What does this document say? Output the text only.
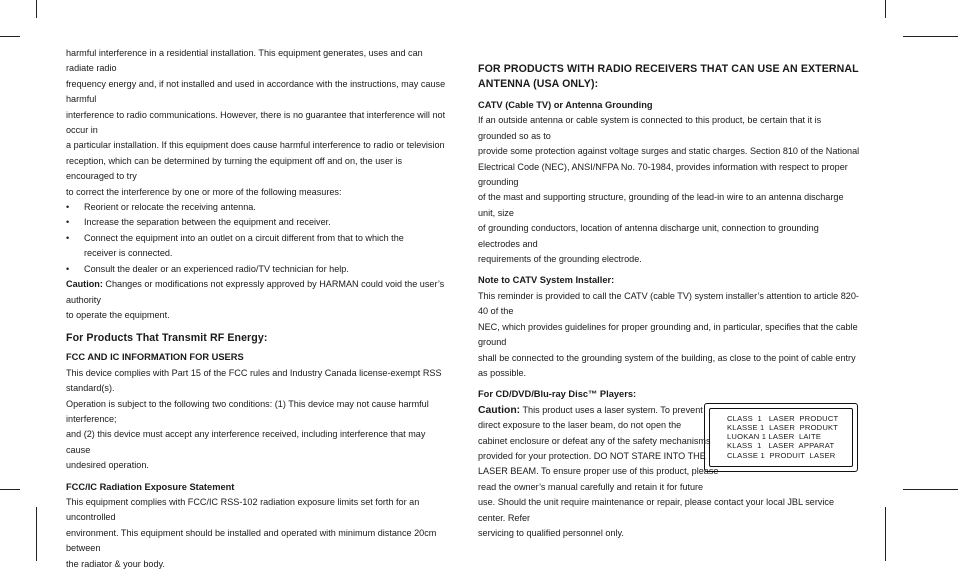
harmful interference in a residential installation. This equipment generates, uses and can radiate radio

frequency energy and, if not installed and used in accordance with the instructions, may cause harmful

interference to radio communications. However, there is no guarantee that interference will not occur in

a particular installation. If this equipment does cause harmful interference to radio or television

reception, which can be determined by turning the equipment off and on, the user is encouraged to try

to correct the interference by one or more of the following measures:

• Reorient or relocate the receiving antenna.
• Increase the separation between the equipment and receiver.
• Connect the equipment into an outlet on a circuit different from that to which the
receiver is connected.
• Consult the dealer or an experienced radio/TV technician for help.

Caution: Changes or modifications not expressly approved by HARMAN could void the user’s authority

to operate the equipment.

For Products That Transmit RF Energy:
FCC AND IC INFORMATION FOR USERS

This device complies with Part 15 of the FCC rules and Industry Canada license-exempt RSS standard(s).

Operation is subject to the following two conditions: (1) This device may not cause harmful interference;

and (2) this device must accept any interference received, including interference that may cause

undesired operation.

FCC/IC Radiation Exposure Statement

This equipment complies with FCC/IC RSS-102 radiation exposure limits set forth for an uncontrolled

environment. This equipment should be installed and operated with minimum distance 20cm between

the radiator & your body.

FOR PRODUCTS WITH RADIO RECEIVERS THAT CAN USE AN EXTERNAL
ANTENNA (USA ONLY):
CATV (Cable TV) or Antenna Grounding

If an outside antenna or cable system is connected to this product, be certain that it is grounded so as to

provide some protection against voltage surges and static charges. Section 810 of the National

Electrical Code (NEC), ANSI/NFPA No. 70-1984, provides information with respect to proper grounding

of the mast and supporting structure, grounding of the lead-in wire to an antenna discharge unit, size

of grounding conductors, location of antenna discharge unit, connection to grounding electrodes and

requirements of the grounding electrode.

Note to CATV System Installer:

This reminder is provided to call the CATV (cable TV) system installer’s attention to article 820-40 of the

NEC, which provides guidelines for proper grounding and, in particular, specifies that the cable ground

shall be connected to the grounding system of the building, as close to the point of cable entry as possible.

For CD/DVD/Blu-ray Disc™ Players:

Caution: This product uses a laser system. To prevent

direct exposure to the laser beam, do not open the

cabinet enclosure or defeat any of the safety mechanisms

provided for your protection. DO NOT STARE INTO THE

LASER BEAM. To ensure proper use of this product, please

read the owner’s manual carefully and retain it for future

CLASS  1   LASER  PRODUCT
KLASSE 1  LASER  PRODUKT
LUOKAN 1 LASER  LAITE
KLASS  1   LASER  APPARAT
CLASSE 1  PRODUIT  LASER

use. Should the unit require maintenance or repair, please contact your local JBL service center. Refer

servicing to qualified personnel only.
